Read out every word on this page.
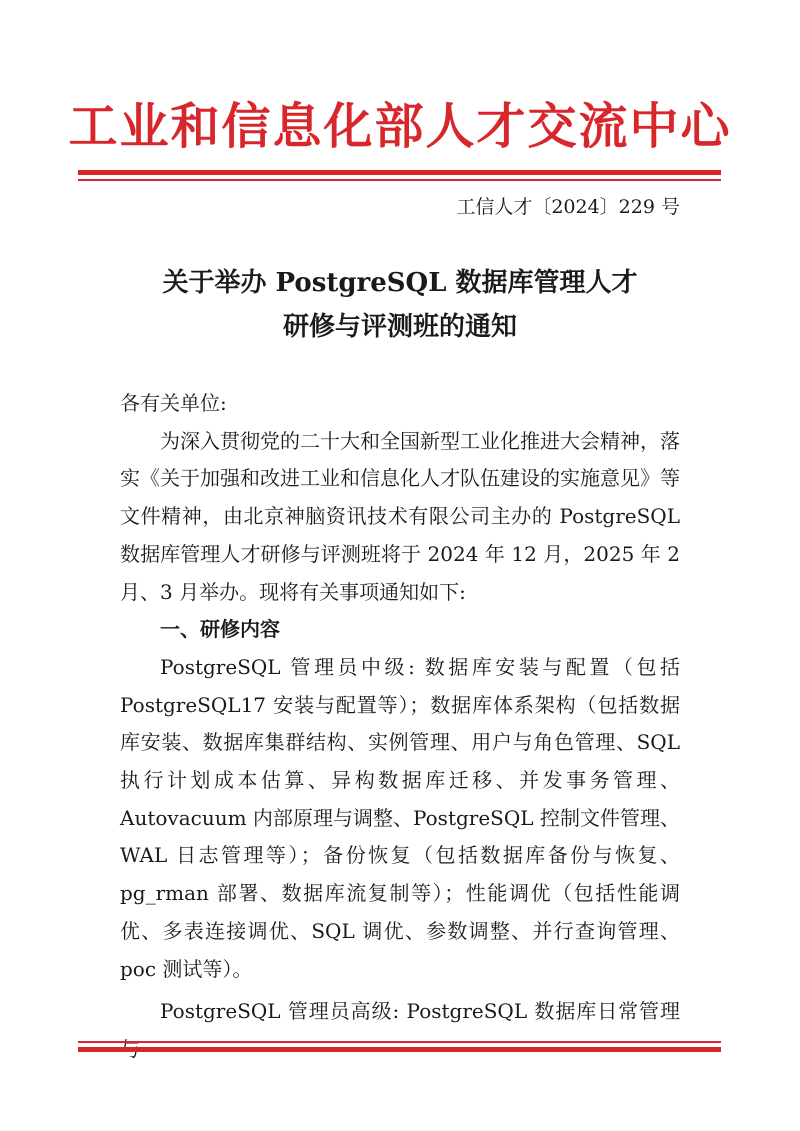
工业和信息化部人才交流中心
工信人才〔2024〕229 号
关于举办 PostgreSQL 数据库管理人才
研修与评测班的通知

各有关单位:

为深入贯彻党的二十大和全国新型工业化推进大会精神，落实《关于加强和改进工业和信息化人才队伍建设的实施意见》等文件精神，由北京神脑资讯技术有限公司主办的 PostgreSQL 数据库管理人才研修与评测班将于 2024 年 12 月，2025 年 2 月、3 月举办。现将有关事项通知如下:

一、研修内容

PostgreSQL 管理员中级: 数据库安装与配置（包括 PostgreSQL17 安装与配置等）；数据库体系架构（包括数据库安装、数据库集群结构、实例管理、用户与角色管理、SQL 执行计划成本估算、异构数据库迁移、并发事务管理、Autovacuum 内部原理与调整、PostgreSQL 控制文件管理、WAL 日志管理等）；备份恢复（包括数据库备份与恢复、pg_rman 部署、数据库流复制等）；性能调优（包括性能调优、多表连接调优、SQL 调优、参数调整、并行查询管理、poc 测试等）。

PostgreSQL 管理员高级: PostgreSQL 数据库日常管理
